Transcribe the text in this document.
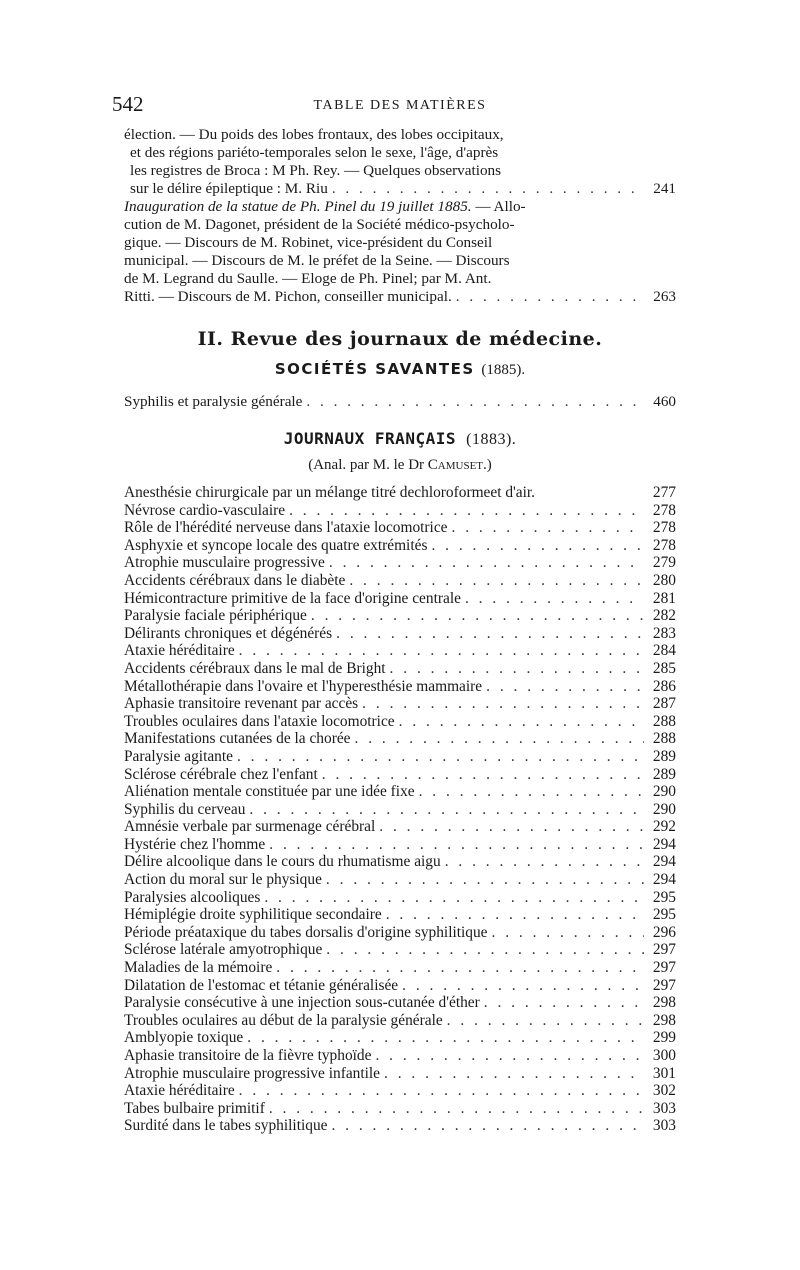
542	TABLE DES MATIÈRES

élection. — Du poids des lobes frontaux, des lobes occipitaux,

et des régions pariéto-temporales selon le sexe, l'âge, d'après

les registres de Broca : M Ph. Rey. — Quelques observations

sur le délire épileptique : M. Riu . . .	241

Inauguration de la statue de Ph. Pinel du 19 juillet 1885. — Allo-

cution de M. Dagonet, président de la Société médico-psycholo-

gique. — Discours de M. Robinet, vice-président du Conseil

municipal. — Discours de M. le préfet de la Seine. — Discours

de M. Legrand du Saulle. — Eloge de Ph. Pinel; par M. Ant.

Ritti. — Discours de M. Pichon, conseiller municipal. . . .	263
II. Revue des journaux de médecine.
SOCIÉTÉS SAVANTES (1885).
Syphilis et paralysie générale . . .	460
JOURNAUX FRANÇAIS (1883).
(Anal. par M. le Dr Camuset.)
Anesthésie chirurgicale par un mélange titré dechloroformeet d'air.	277
Névrose cardio-vasculaire . . .	278
Rôle de l'hérédité nerveuse dans l'ataxie locomotrice . . .	278
Asphyxie et syncope locale des quatre extrémités . . .	278
Atrophie musculaire progressive . . .	279
Accidents cérébraux dans le diabète . . .	280
Hémicontracture primitive de la face d'origine centrale . . .	281
Paralysie faciale périphérique . . .	282
Délirants chroniques et dégénérés . . .	283
Ataxie héréditaire . . .	284
Accidents cérébraux dans le mal de Bright . . .	285
Métallothérapie dans l'ovaire et l'hyperesthésie mammaire . . .	286
Aphasie transitoire revenant par accès . . .	287
Troubles oculaires dans l'ataxie locomotrice . . .	288
Manifestations cutanées de la chorée . . .	288
Paralysie agitante . . .	289
Sclérose cérébrale chez l'enfant . . .	289
Aliénation mentale constituée par une idée fixe . . .	290
Syphilis du cerveau . . .	290
Amnésie verbale par surmenage cérébral . . .	292
Hystérie chez l'homme . . .	294
Délire alcoolique dans le cours du rhumatisme aigu . . .	294
Action du moral sur le physique . . .	294
Paralysies alcooliques . . .	295
Hémiplégie droite syphilitique secondaire . . .	295
Période préataxique du tabes dorsalis d'origine syphilitique . . .	296
Sclérose latérale amyotrophique . . .	297
Maladies de la mémoire . . .	297
Dilatation de l'estomac et tétanie généralisée . . .	297
Paralysie consécutive à une injection sous-cutanée d'éther . . .	298
Troubles oculaires au début de la paralysie générale . . .	298
Amblyopie toxique . . .	299
Aphasie transitoire de la fièvre typhoïde . . .	300
Atrophie musculaire progressive infantile . . .	301
Ataxie héréditaire . . .	302
Tabes bulbaire primitif . . .	303
Surdité dans le tabes syphilitique . . .	303
